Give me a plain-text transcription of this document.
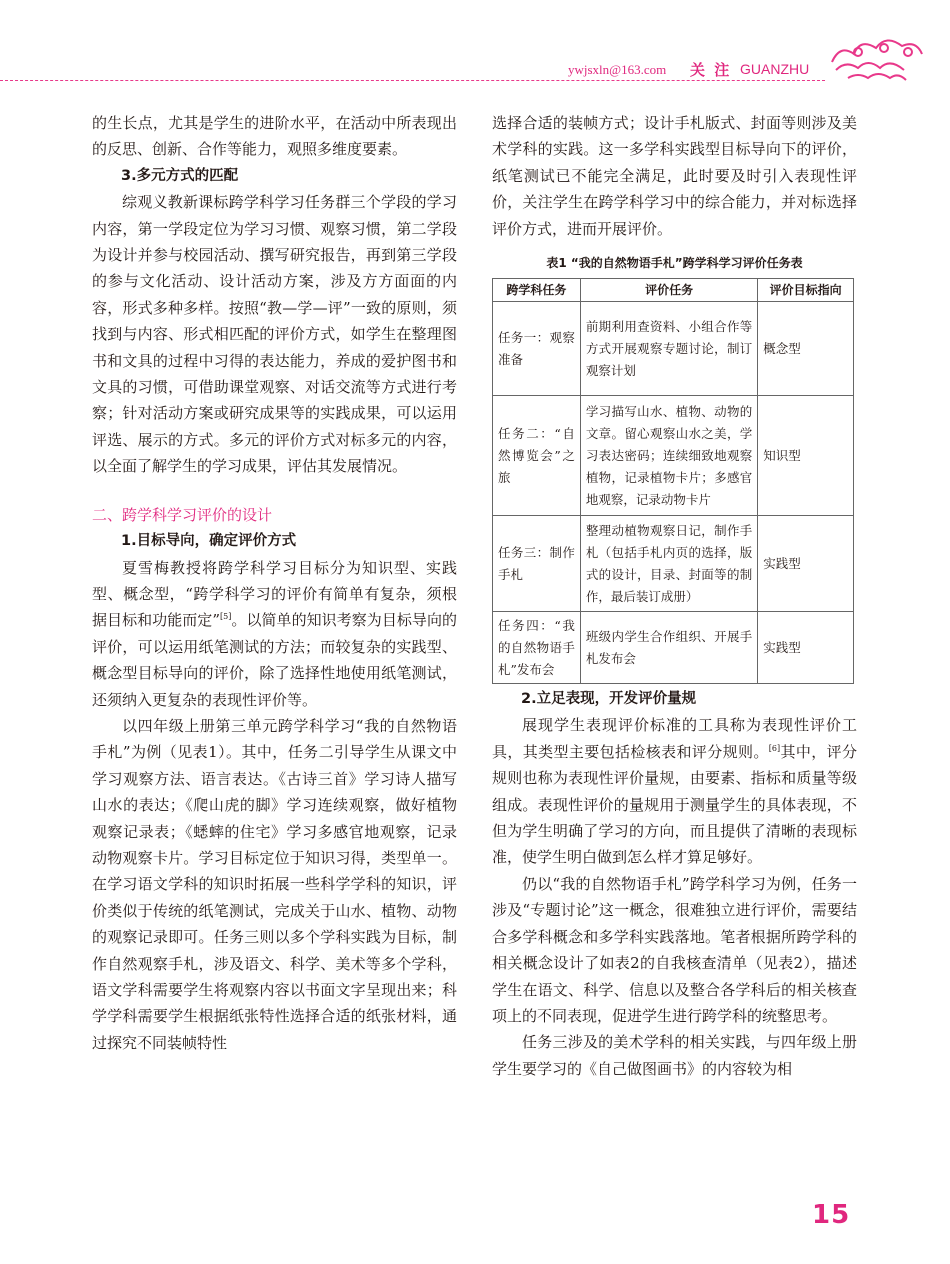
ywjsxln@163.com 关 注 GUANZHU

的生长点，尤其是学生的进阶水平，在活动中所表现出的反思、创新、合作等能力，观照多维度要素。

3.多元方式的匹配

综观义教新课标跨学科学习任务群三个学段的学习内容，第一学段定位为学习习惯、观察习惯，第二学段为设计并参与校园活动、撰写研究报告，再到第三学段的参与文化活动、设计活动方案，涉及方方面面的内容，形式多种多样。按照“教—学—评”一致的原则，须找到与内容、形式相匹配的评价方式，如学生在整理图书和文具的过程中习得的表达能力，养成的爱护图书和文具的习惯，可借助课堂观察、对话交流等方式进行考察；针对活动方案或研究成果等的实践成果，可以运用评选、展示的方式。多元的评价方式对标多元的内容，以全面了解学生的学习成果，评估其发展情况。

二、跨学科学习评价的设计
1.目标导向，确定评价方式

夏雪梅教授将跨学科学习目标分为知识型、实践型、概念型，“跨学科学习的评价有简单有复杂，须根据目标和功能而定”[5]。以简单的知识考察为目标导向的评价，可以运用纸笔测试的方法；而较复杂的实践型、概念型目标导向的评价，除了选择性地使用纸笔测试，还须纳入更复杂的表现性评价等。

以四年级上册第三单元跨学科学习“我的自然物语手札”为例（见表1）。其中，任务二引导学生从课文中学习观察方法、语言表达。《古诗三首》学习诗人描写山水的表达；《爬山虎的脚》学习连续观察，做好植物观察记录表；《蟋蟀的住宅》学习多感官地观察，记录动物观察卡片。学习目标定位于知识习得，类型单一。在学习语文学科的知识时拓展一些科学学科的知识，评价类似于传统的纸笔测试，完成关于山水、植物、动物的观察记录即可。任务三则以多个学科实践为目标，制作自然观察手札，涉及语文、科学、美术等多个学科，语文学科需要学生将观察内容以书面文字呈现出来；科学学科需要学生根据纸张特性选择合适的纸张材料，通过探究不同装帧特性

选择合适的装帧方式；设计手札版式、封面等则涉及美术学科的实践。这一多学科实践型目标导向下的评价，纸笔测试已不能完全满足，此时要及时引入表现性评价，关注学生在跨学科学习中的综合能力，并对标选择评价方式，进而开展评价。

表1 “我的自然物语手札”跨学科学习评价任务表
跨学科任务	评价任务	评价目标指向
任务一：观察准备	前期利用查资料、小组合作等方式开展观察专题讨论，制订观察计划	概念型
任务二：“自然博览会”之旅	学习描写山水、植物、动物的文章。留心观察山水之美，学习表达密码；连续细致地观察植物，记录植物卡片；多感官地观察，记录动物卡片	知识型
任务三：制作手札	整理动植物观察日记，制作手札（包括手札内页的选择，版式的设计，目录、封面等的制作，最后装订成册）	实践型
任务四：“我的自然物语手札”发布会	班级内学生合作组织、开展手札发布会	实践型
2.立足表现，开发评价量规

展现学生表现评价标准的工具称为表现性评价工具，其类型主要包括检核表和评分规则。[6]其中，评分规则也称为表现性评价量规，由要素、指标和质量等级组成。表现性评价的量规用于测量学生的具体表现，不但为学生明确了学习的方向，而且提供了清晰的表现标准，使学生明白做到怎么样才算足够好。

仍以“我的自然物语手札”跨学科学习为例，任务一涉及“专题讨论”这一概念，很难独立进行评价，需要结合多学科概念和多学科实践落地。笔者根据所跨学科的相关概念设计了如表2的自我核查清单（见表2），描述学生在语文、科学、信息以及整合各学科后的相关核查项上的不同表现，促进学生进行跨学科的统整思考。

任务三涉及的美术学科的相关实践，与四年级上册学生要学习的《自己做图画书》的内容较为相

15
